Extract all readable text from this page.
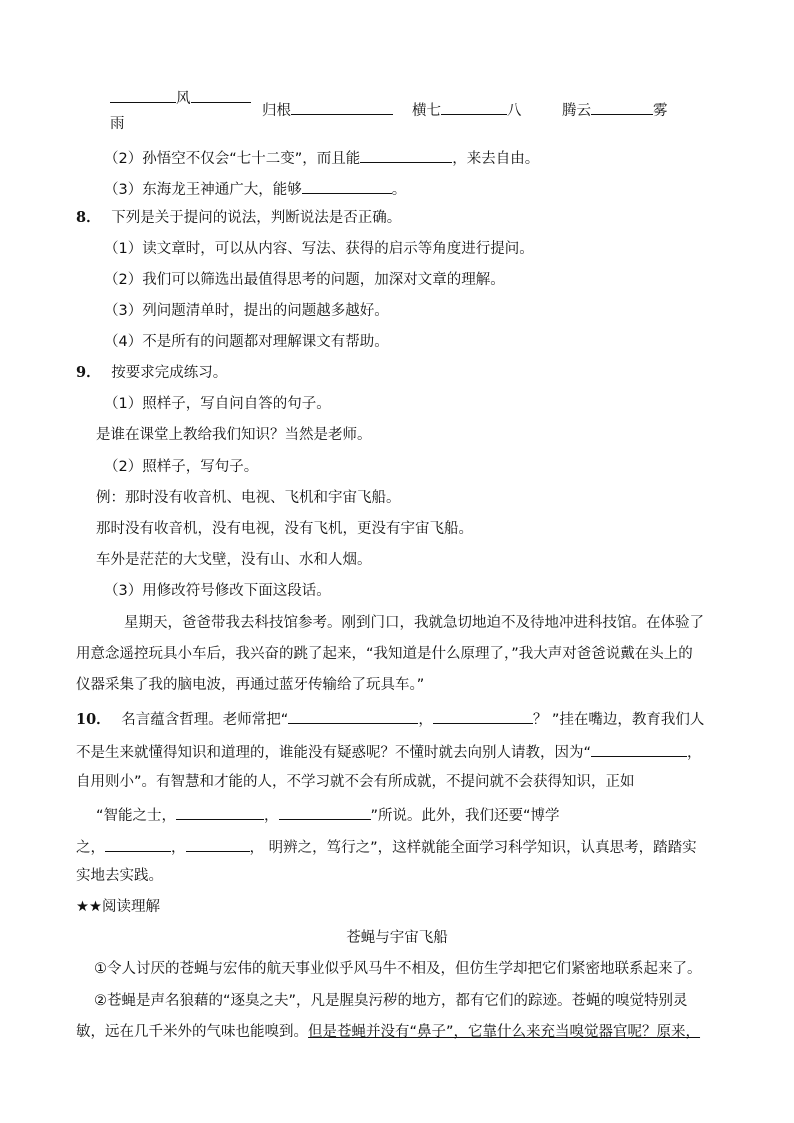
风
归根	横七	八	腾云	雾
雨
（2）孙悟空不仅会“七十二变”，而且能	，来去自由。
（3）东海龙王神通广大，能够	。
8． 下列是关于提问的说法，判断说法是否正确。
（1）读文章时，可以从内容、写法、获得的启示等角度进行提问。
（2）我们可以筛选出最值得思考的问题，加深对文章的理解。
（3）列问题清单时，提出的问题越多越好。
（4）不是所有的问题都对理解课文有帮助。
9． 按要求完成练习。
（1）照样子，写自问自答的句子。
是谁在课堂上教给我们知识？当然是老师。
（2）照样子，写句子。
例：那时没有收音机、电视、飞机和宇宙飞船。
那时没有收音机，没有电视，没有飞机，更没有宇宙飞船。
车外是茫茫的大戈壁，没有山、水和人烟。
（3）用修改符号修改下面这段话。
星期天，爸爸带我去科技馆参考。刚到门口，我就急切地迫不及待地冲进科技馆。在体验了
用意念遥控玩具小车后，我兴奋的跳了起来，“我知道是什么原理了，”我大声对爸爸说戴在头上的
仪器采集了我的脑电波，再通过蓝牙传输给了玩具车。”
10． 名言蕴含哲理。老师常把“	，	？ ”挂在嘴边，教育我们人
不是生来就懂得知识和道理的，谁能没有疑惑呢？不懂时就去向别人请教，因为“	，
自用则小”。有智慧和才能的人，不学习就不会有所成就，不提问就不会获得知识，正如
“智能之士，	，	”所说。此外，我们还要“博学
之，	，	， 明辨之，笃行之”，这样就能全面学习科学知识，认真思考，踏踏实
实地去实践。
★★阅读理解
苍蝇与宇宙飞船
①令人讨厌的苍蝇与宏伟的航天事业似乎风马牛不相及，但仿生学却把它们紧密地联系起来了。
②苍蝇是声名狼藉的“逐臭之夫”，凡是腥臭污秽的地方，都有它们的踪迹。苍蝇的嗅觉特别灵
敏，远在几千米外的气味也能嗅到。但是苍蝇并没有“鼻子”，它靠什么来充当嗅觉器官呢？原来，
